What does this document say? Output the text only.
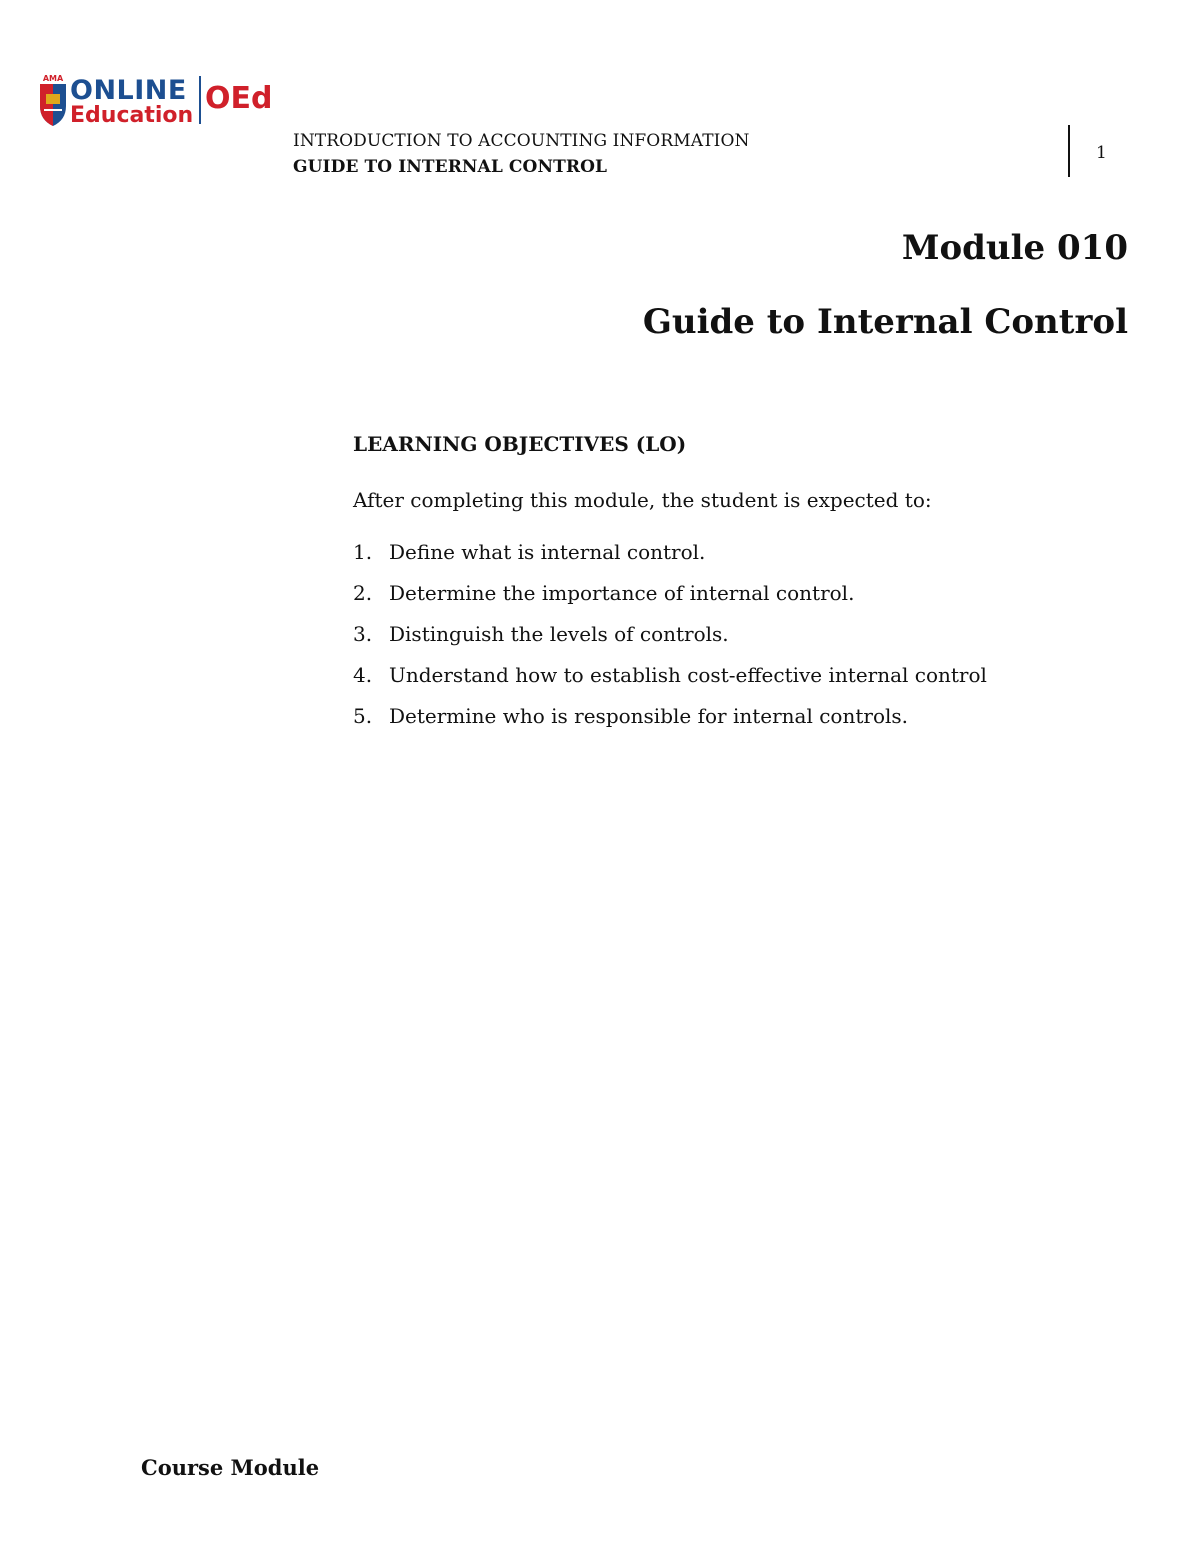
AMA ONLINE
Education OEd
INTRODUCTION TO ACCOUNTING INFORMATION
GUIDE TO INTERNAL CONTROL
1
Module 010
Guide to Internal Control

LEARNING OBJECTIVES (LO)

After completing this module, the student is expected to:

1. Define what is internal control.
2. Determine the importance of internal control.
3. Distinguish the levels of controls.
4. Understand how to establish cost-effective internal control
5. Determine who is responsible for internal controls.
Course Module
